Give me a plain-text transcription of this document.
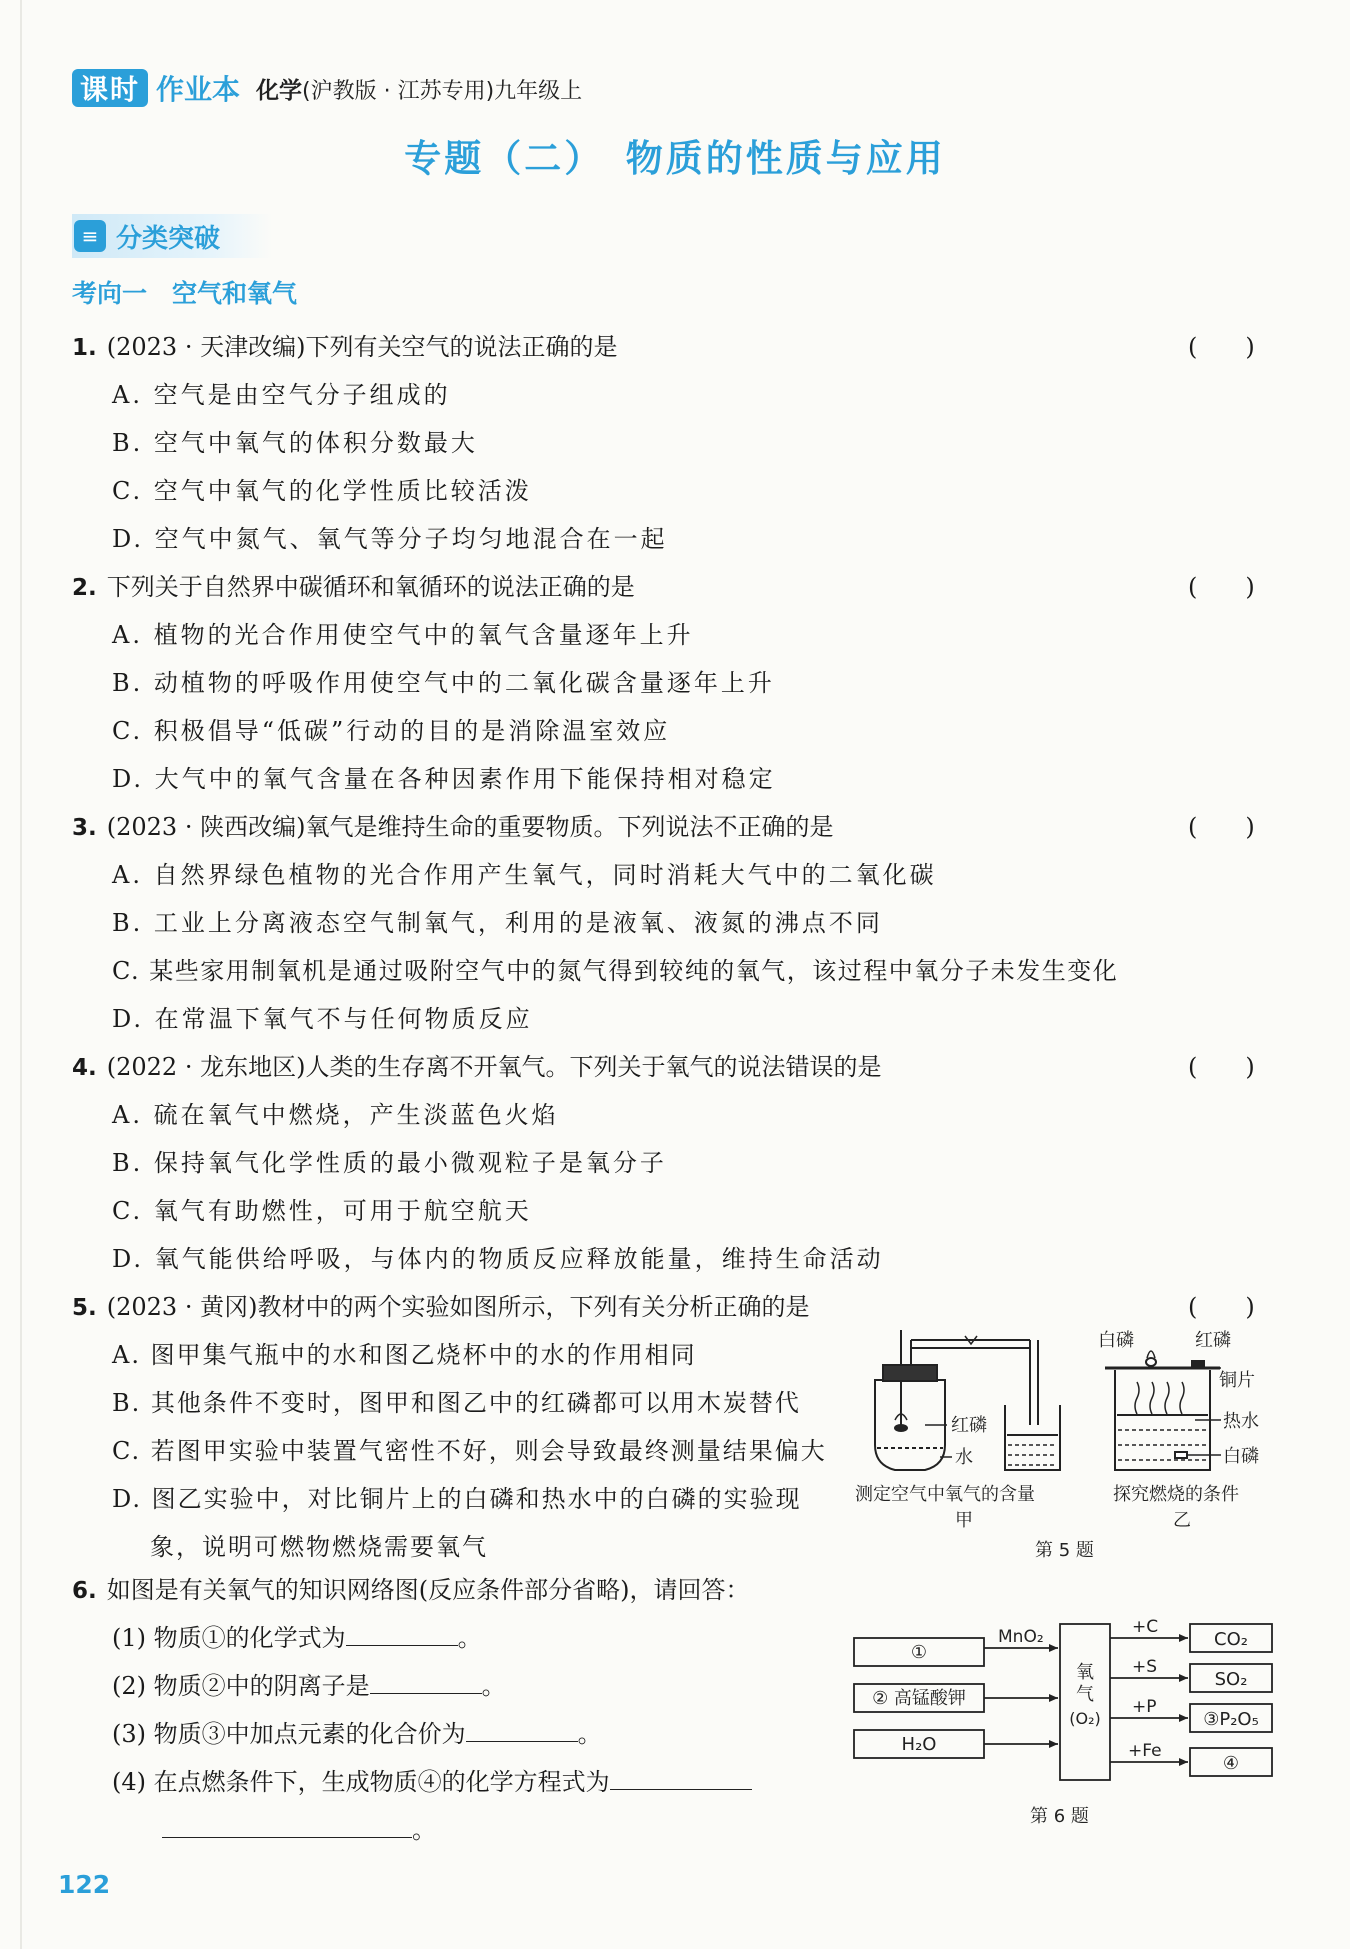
课时 作业本 化学(沪教版 · 江苏专用)九年级上
专题（二）　物质的性质与应用
≡ 分类突破
考向一　空气和氧气
1. (2023 · 天津改编)下列有关空气的说法正确的是	(　　)
A. 空气是由空气分子组成的
B. 空气中氧气的体积分数最大
C. 空气中氧气的化学性质比较活泼
D. 空气中氮气、氧气等分子均匀地混合在一起
2. 下列关于自然界中碳循环和氧循环的说法正确的是	(　　)
A. 植物的光合作用使空气中的氧气含量逐年上升
B. 动植物的呼吸作用使空气中的二氧化碳含量逐年上升
C. 积极倡导“低碳”行动的目的是消除温室效应
D. 大气中的氧气含量在各种因素作用下能保持相对稳定
3. (2023 · 陕西改编)氧气是维持生命的重要物质。下列说法不正确的是	(　　)
A. 自然界绿色植物的光合作用产生氧气，同时消耗大气中的二氧化碳
B. 工业上分离液态空气制氧气，利用的是液氧、液氮的沸点不同
C. 某些家用制氧机是通过吸附空气中的氮气得到较纯的氧气，该过程中氧分子未发生变化
D. 在常温下氧气不与任何物质反应
4. (2022 · 龙东地区)人类的生存离不开氧气。下列关于氧气的说法错误的是	(　　)
A. 硫在氧气中燃烧，产生淡蓝色火焰
B. 保持氧气化学性质的最小微观粒子是氧分子
C. 氧气有助燃性，可用于航空航天
D. 氧气能供给呼吸，与体内的物质反应释放能量，维持生命活动
5. (2023 · 黄冈)教材中的两个实验如图所示，下列有关分析正确的是	(　　)
A. 图甲集气瓶中的水和图乙烧杯中的水的作用相同
B. 其他条件不变时，图甲和图乙中的红磷都可以用木炭替代
C. 若图甲实验中装置气密性不好，则会导致最终测量结果偏大
D. 图乙实验中，对比铜片上的白磷和热水中的白磷的实验现
象，说明可燃物燃烧需要氧气
红磷
水
测定空气中氧气的含量
甲
白磷	红磷
铜片
热水
白磷
探究燃烧的条件
乙
第 5 题
6. 如图是有关氧气的知识网络图(反应条件部分省略)，请回答：
(1) 物质①的化学式为	。
(2) 物质②中的阴离子是	。
(3) 物质③中加点元素的化合价为	。
(4) 在点燃条件下，生成物质④的化学方程式为
。
①
② 高锰酸钾
H₂O
MnO₂
氧
气
(O₂)
+C
+S
+P
+Fe
CO₂
SO₂
③P₂O₅
④
第 6 题
122
